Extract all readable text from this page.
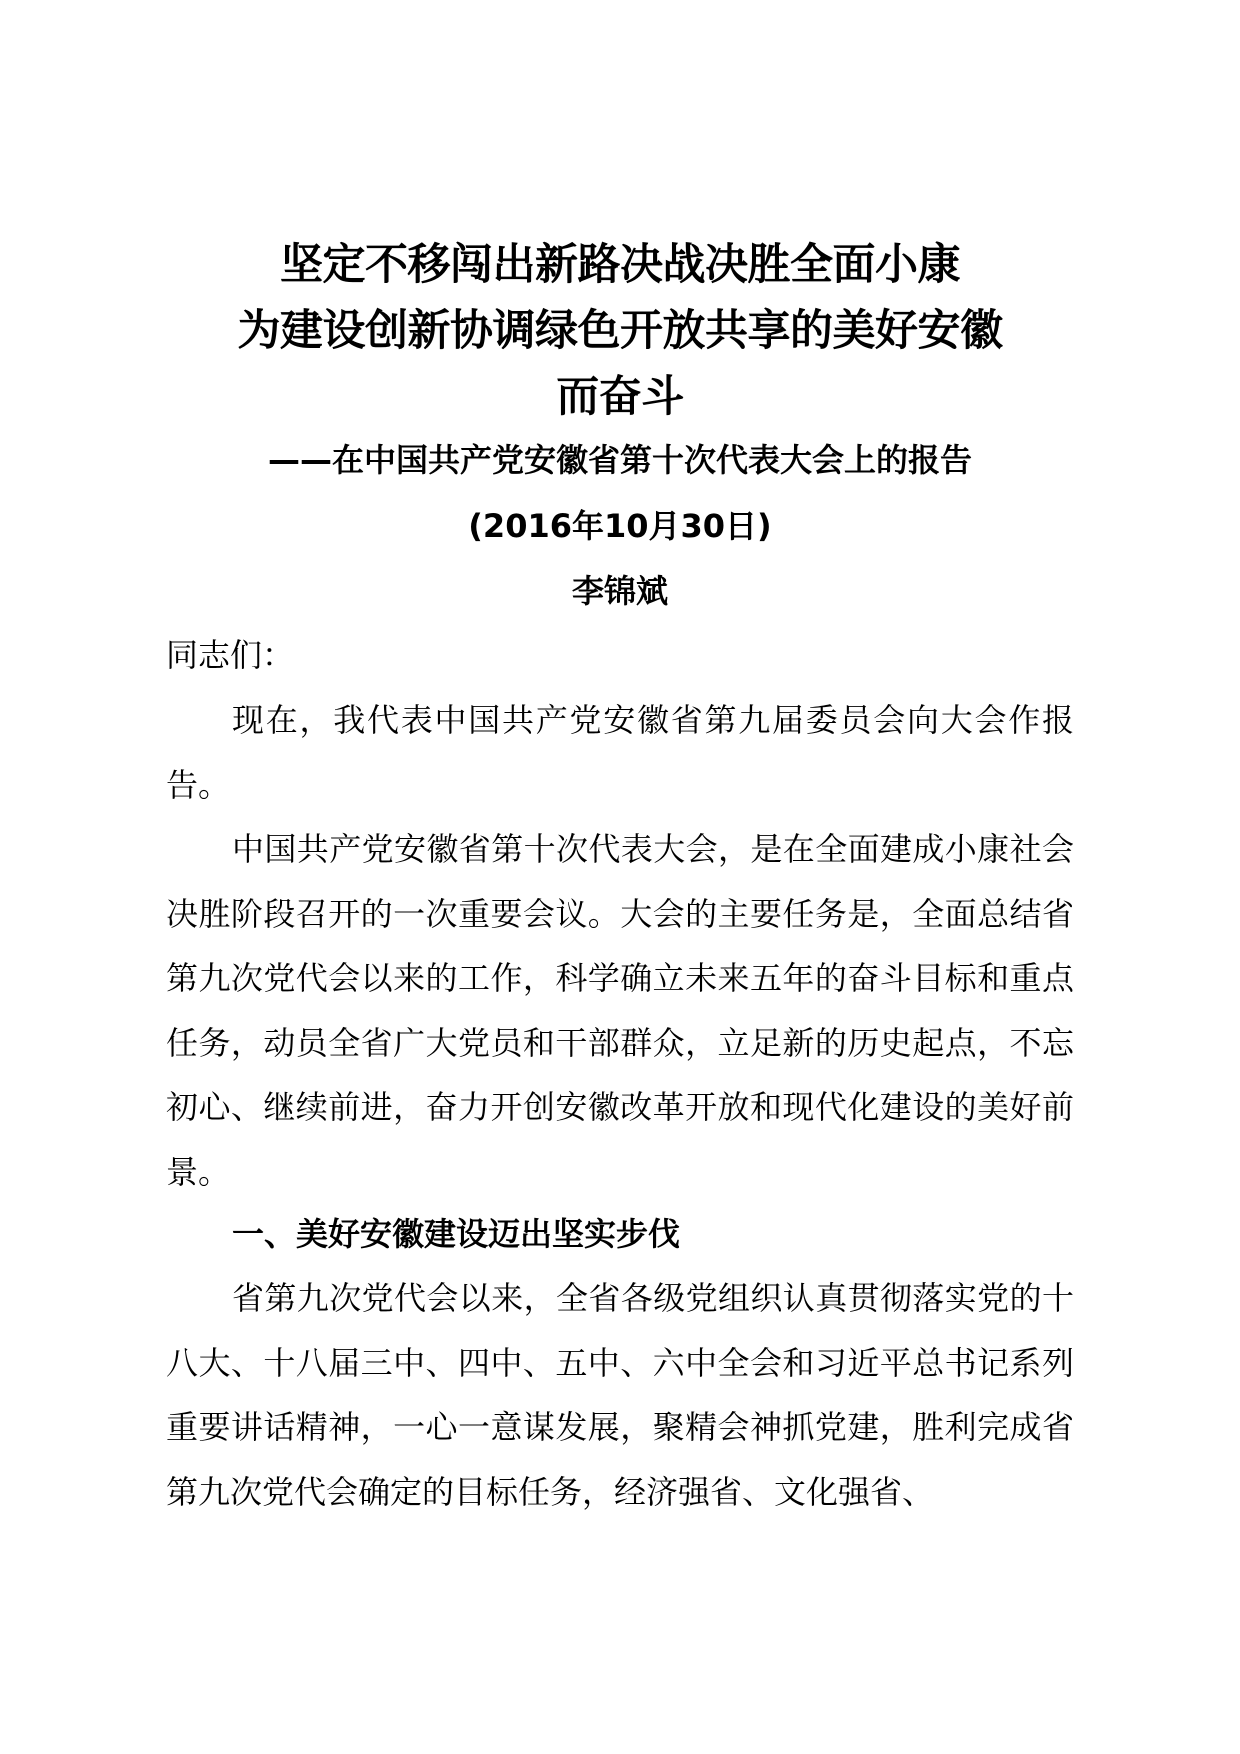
坚定不移闯出新路决战决胜全面小康
为建设创新协调绿色开放共享的美好安徽
而奋斗
——在中国共产党安徽省第十次代表大会上的报告
(2016年10月30日)
李锦斌
同志们：

现在，我代表中国共产党安徽省第九届委员会向大会作报告。

中国共产党安徽省第十次代表大会，是在全面建成小康社会决胜阶段召开的一次重要会议。大会的主要任务是，全面总结省第九次党代会以来的工作，科学确立未来五年的奋斗目标和重点任务，动员全省广大党员和干部群众，立足新的历史起点，不忘初心、继续前进，奋力开创安徽改革开放和现代化建设的美好前景。

一、美好安徽建设迈出坚实步伐

省第九次党代会以来，全省各级党组织认真贯彻落实党的十八大、十八届三中、四中、五中、六中全会和习近平总书记系列重要讲话精神，一心一意谋发展，聚精会神抓党建，胜利完成省第九次党代会确定的目标任务，经济强省、文化强省、
